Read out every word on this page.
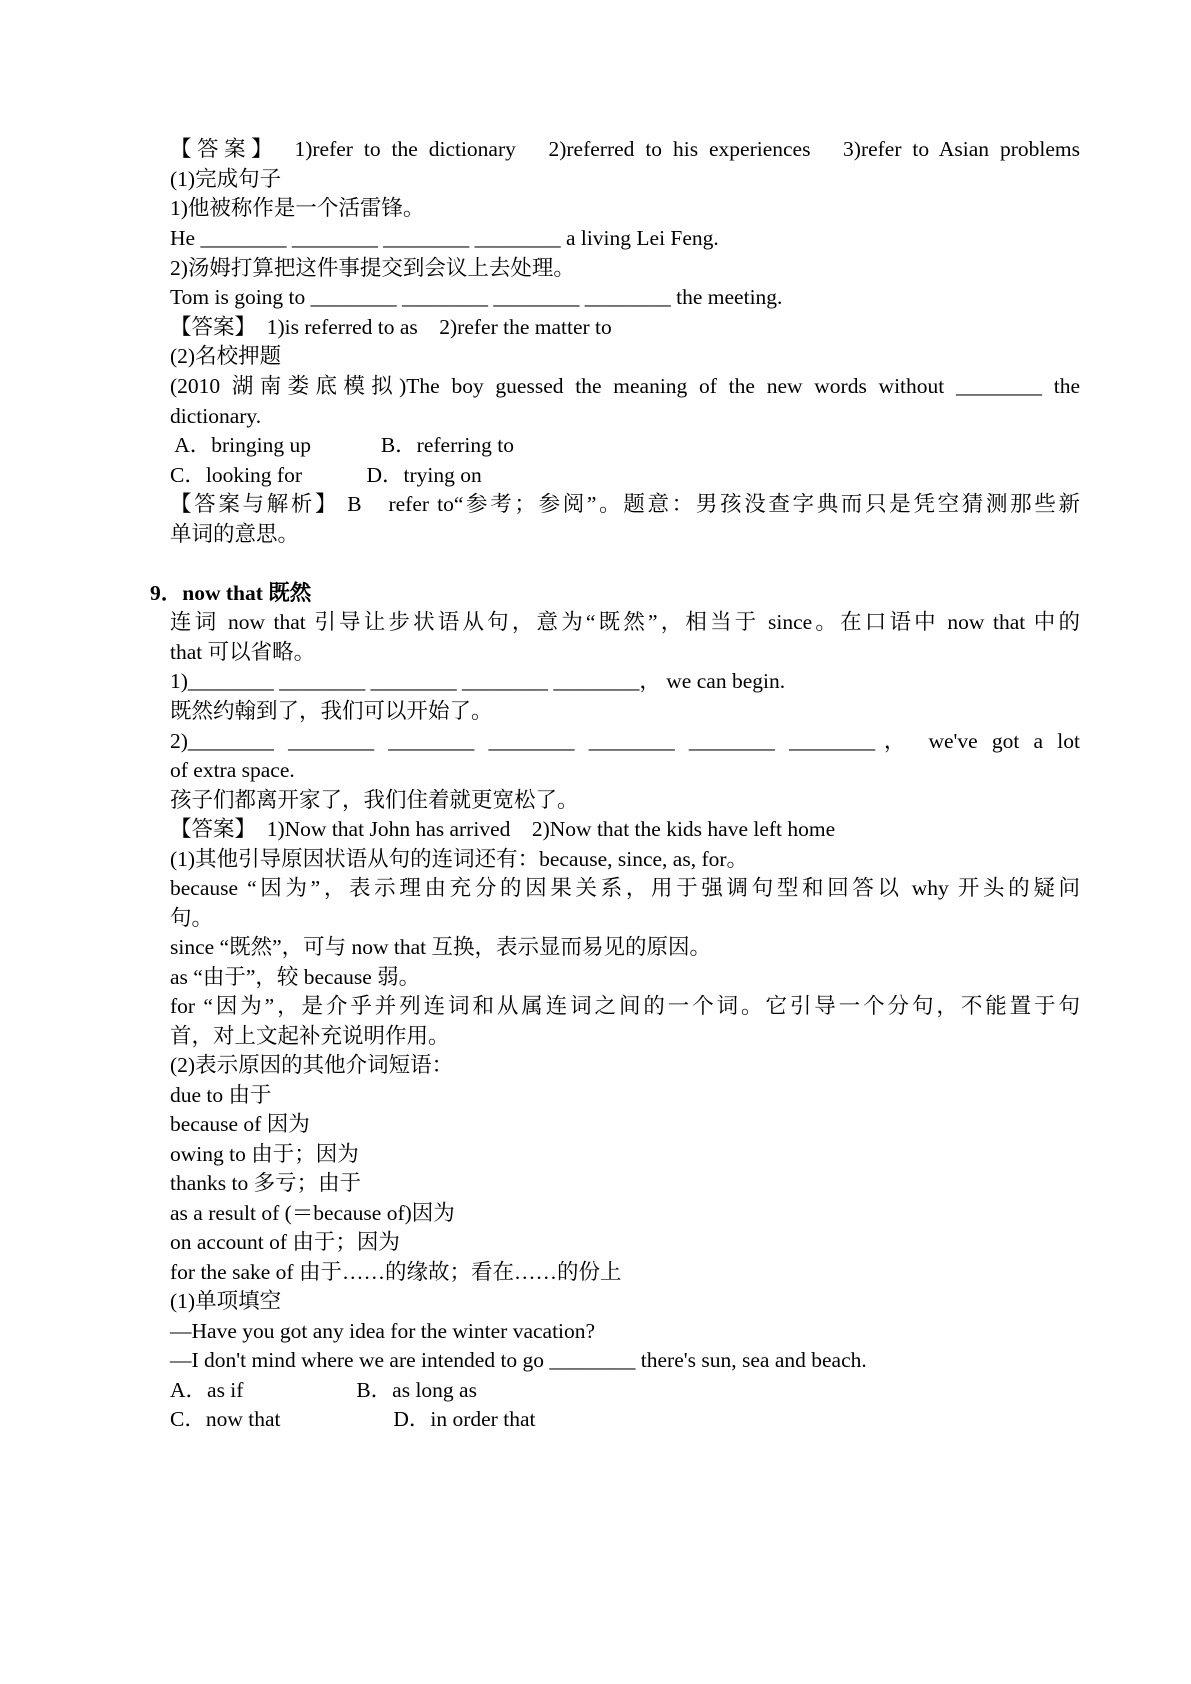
【答案】　1)refer to the dictionary　2)referred to his experiences　3)refer to Asian problems

(1)完成句子

1)他被称作是一个活雷锋。

He ________ ________ ________ ________ a living Lei Feng.

2)汤姆打算把这件事提交到会议上去处理。

Tom is going to ________ ________ ________ ________ the meeting.

【答案】　1)is referred to as　2)refer the matter to

(2)名校押题

(2010 湖南娄底模拟)The boy guessed the meaning of the new words without ________ the

dictionary.

A．bringing up　　　 B．referring to

C．looking for　　　D．trying on

【答案与解析】 B　refer to“参考；参阅”。题意：男孩没查字典而只是凭空猜测那些新

单词的意思。

9．now that 既然

连词 now that 引导让步状语从句，意为“既然”，相当于 since。在口语中 now that 中的

that 可以省略。

1)________ ________ ________ ________ ________， we can begin.

既然约翰到了，我们可以开始了。

2)________ ________ ________ ________ ________ ________ ________， we've got a lot

of extra space.

孩子们都离开家了，我们住着就更宽松了。

【答案】　1)Now that John has arrived　2)Now that the kids have left home

(1)其他引导原因状语从句的连词还有：because, since, as, for。

because “因为”，表示理由充分的因果关系，用于强调句型和回答以 why 开头的疑问

句。

since “既然”，可与 now that 互换，表示显而易见的原因。

as “由于”，较 because 弱。

for “因为”，是介乎并列连词和从属连词之间的一个词。它引导一个分句，不能置于句

首，对上文起补充说明作用。

(2)表示原因的其他介词短语：

due to 由于

because of 因为

owing to 由于；因为

thanks to 多亏；由于

as a result of (＝because of)因为

on account of 由于；因为

for the sake of 由于……的缘故；看在……的份上

(1)单项填空

—Have you got any idea for the winter vacation?

—I don't mind where we are intended to go ________ there's sun, sea and beach.

A．as if　　　　　 B．as long as

C．now that　　　　　 D．in order that
